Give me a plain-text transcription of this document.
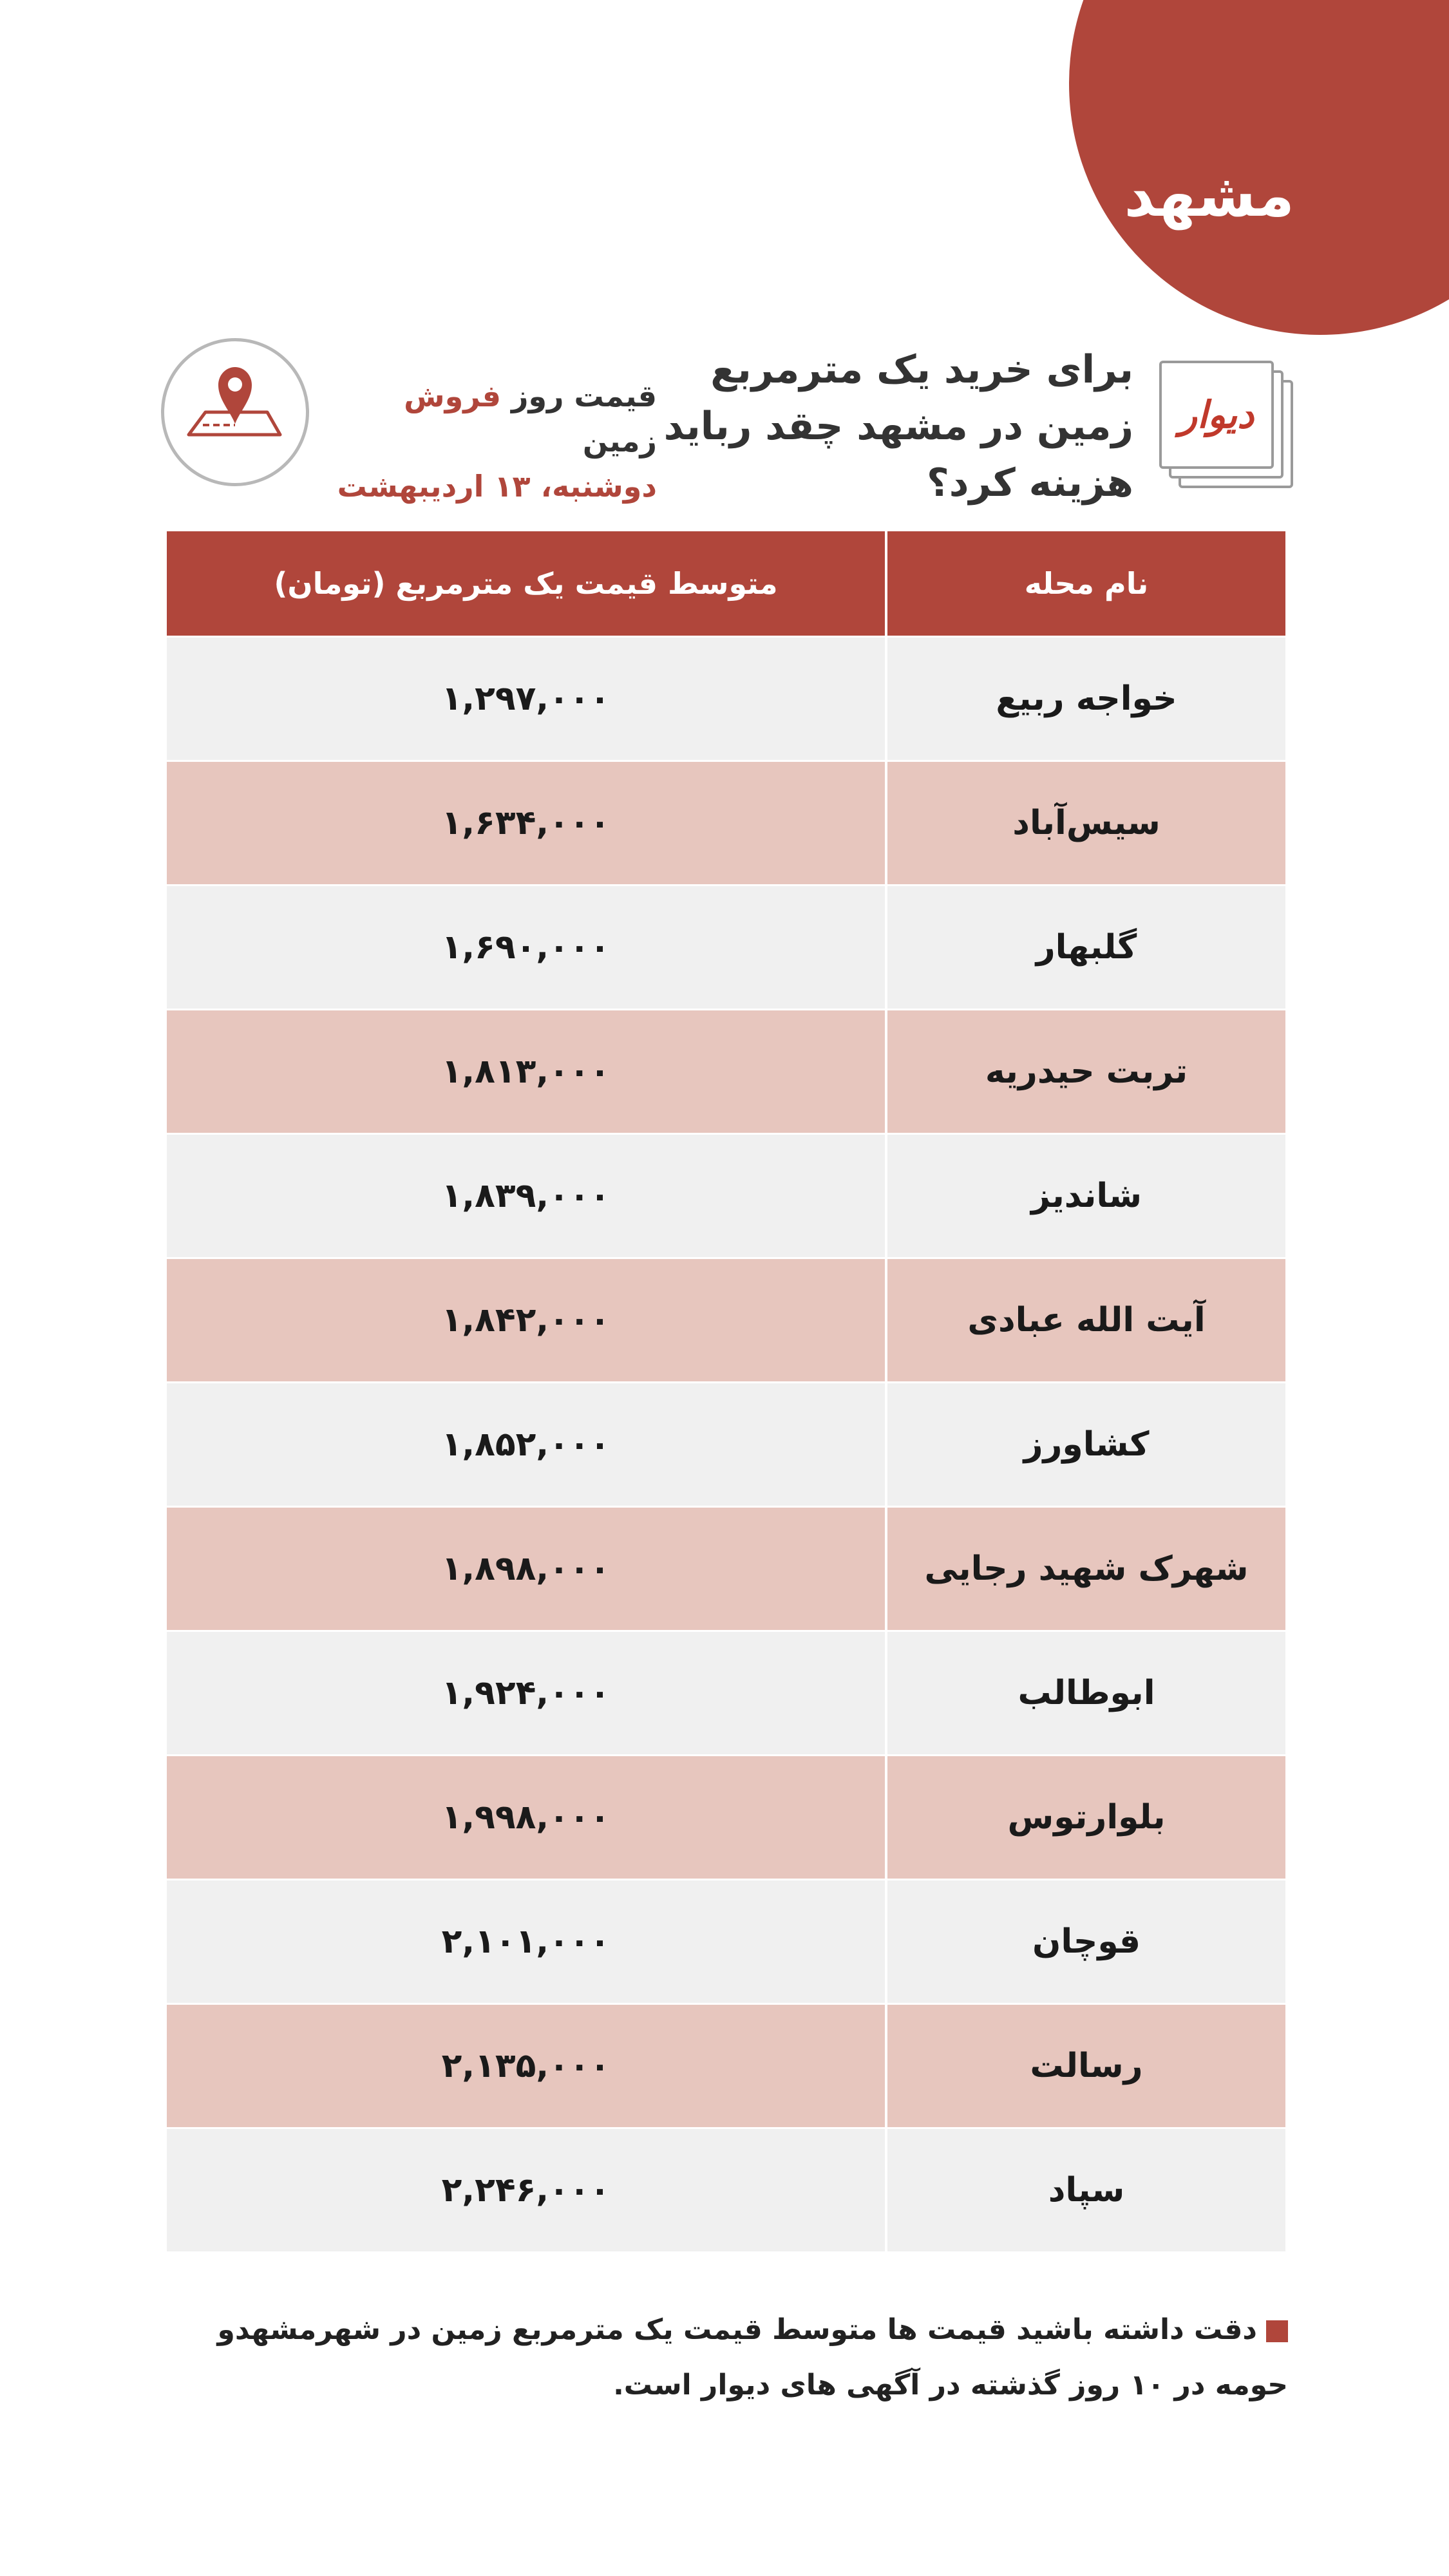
مشهد
دیوار
برای خرید یک مترمربع زمین در مشهد چقد رباید هزینه کرد؟
قیمت روز فروش زمین
دوشنبه، ۱۳ اردیبهشت
نام محله	متوسط قیمت یک مترمربع (تومان)
خواجه ربیع	۱,۲۹۷,۰۰۰
سیس‌آباد	۱,۶۳۴,۰۰۰
گلبهار	۱,۶۹۰,۰۰۰
تربت حیدریه	۱,۸۱۳,۰۰۰
شاندیز	۱,۸۳۹,۰۰۰
آیت الله عبادی	۱,۸۴۲,۰۰۰
کشاورز	۱,۸۵۲,۰۰۰
شهرک شهید رجایی	۱,۸۹۸,۰۰۰
ابوطالب	۱,۹۲۴,۰۰۰
بلوارتوس	۱,۹۹۸,۰۰۰
قوچان	۲,۱۰۱,۰۰۰
رسالت	۲,۱۳۵,۰۰۰
سپاد	۲,۲۴۶,۰۰۰
دقت داشته باشید قیمت ها متوسط قیمت یک مترمربع زمین در شهرمشهدو حومه در ۱۰ روز گذشته در آگهی های دیوار است.
